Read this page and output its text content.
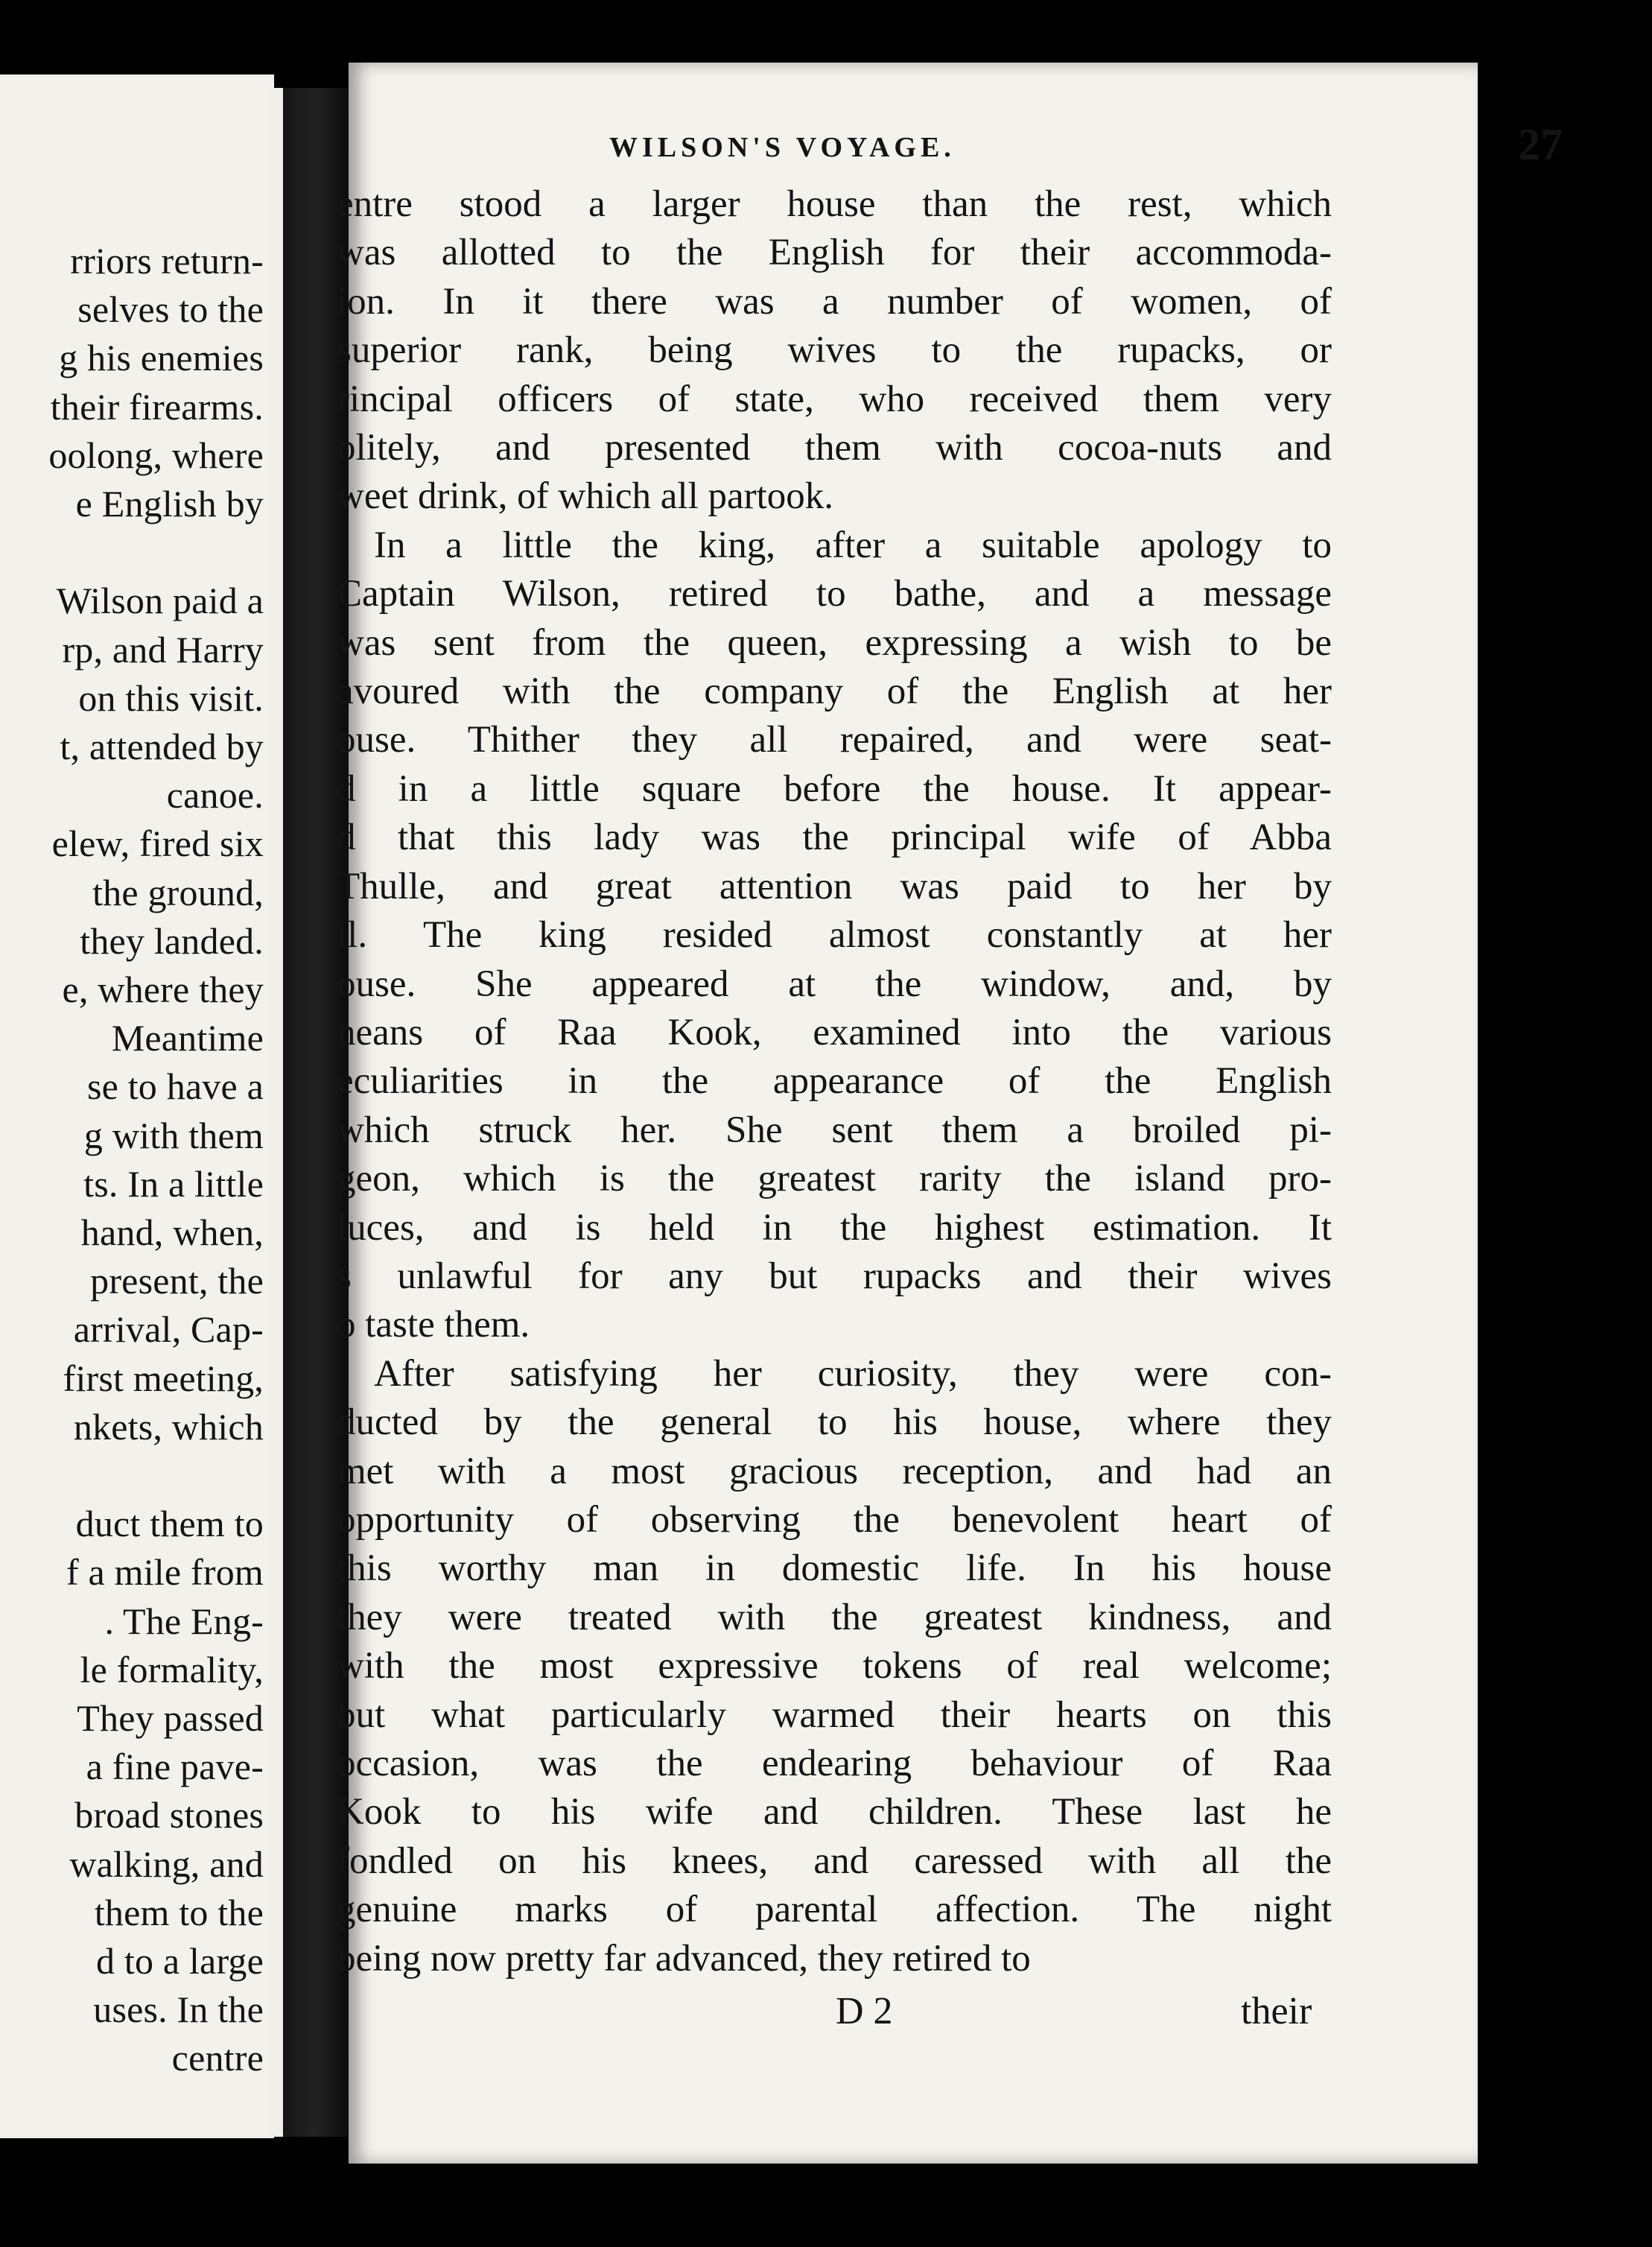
rriors return-
selves to the
g his enemies
their firearms.
oolong, where
e English by
Wilson paid a
rp, and Harry
on this visit.
t, attended by
canoe.
elew, fired six
the ground,
they landed.
e, where they
Meantime
se to have a
g with them
ts. In a little
hand, when,
present, the
arrival, Cap-
first meeting,
nkets, which
duct them to
f a mile from
. The Eng-
le formality,
They passed
a fine pave-
broad stones
walking, and
them to the
d to a large
uses. In the
centre
WILSON'S VOYAGE.	27
entre stood a larger house than the rest, which
was allotted to the English for their accommoda-
ion. In it there was a number of women, of
superior rank, being wives to the rupacks, or
rincipal officers of state, who received them very
olitely, and presented them with cocoa-nuts and
weet drink, of which all partook.
In a little the king, after a suitable apology to
Captain Wilson, retired to bathe, and a message
was sent from the queen, expressing a wish to be
avoured with the company of the English at her
ouse. Thither they all repaired, and were seat-
d in a little square before the house. It appear-
d that this lady was the principal wife of Abba
Thulle, and great attention was paid to her by
ll. The king resided almost constantly at her
ouse. She appeared at the window, and, by
neans of Raa Kook, examined into the various
eculiarities in the appearance of the English
which struck her. She sent them a broiled pi-
geon, which is the greatest rarity the island pro-
luces, and is held in the highest estimation. It
s unlawful for any but rupacks and their wives
o taste them.
After satisfying her curiosity, they were con-
ducted by the general to his house, where they
met with a most gracious reception, and had an
opportunity of observing the benevolent heart of
this worthy man in domestic life. In his house
they were treated with the greatest kindness, and
with the most expressive tokens of real welcome;
but what particularly warmed their hearts on this
occasion, was the endearing behaviour of Raa
Kook to his wife and children. These last he
fondled on his knees, and caressed with all the
genuine marks of parental affection. The night
being now pretty far advanced, they retired to
D 2	their
